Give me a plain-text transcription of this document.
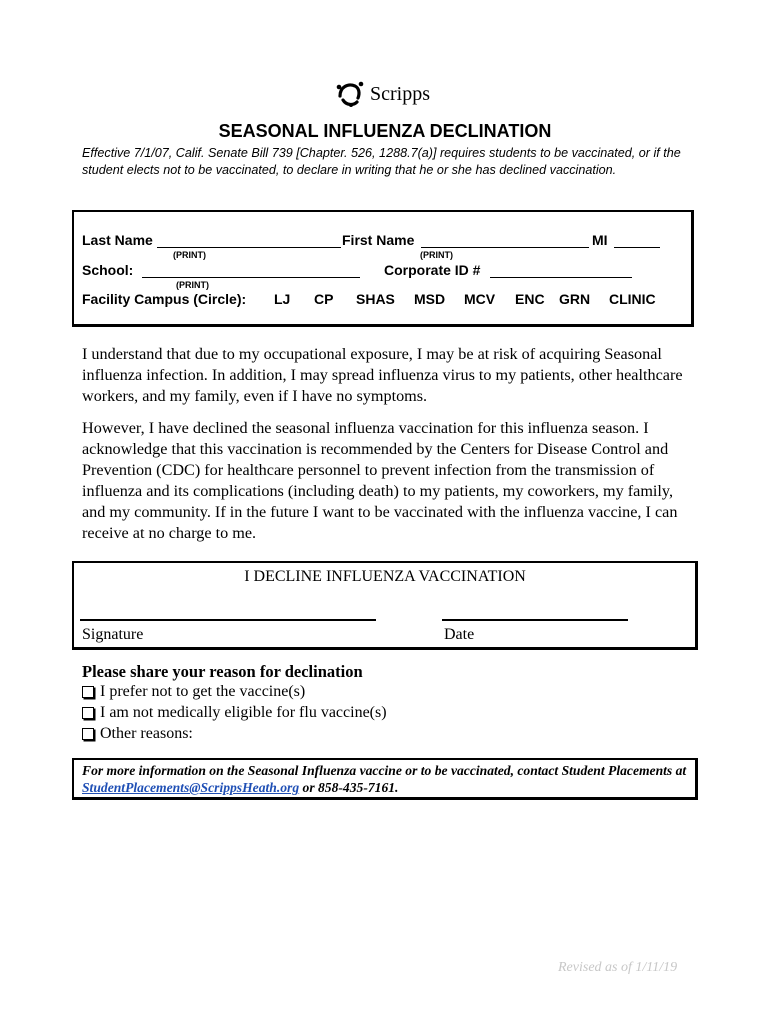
Scripps
SEASONAL INFLUENZA DECLINATION
Effective 7/1/07, Calif. Senate Bill 739 [Chapter. 526, 1288.7(a)] requires students to be vaccinated, or if the student elects not to be vaccinated, to declare in writing that he or she has declined vaccination.
Last Name	First Name	MI
(PRINT)	(PRINT)
School:	Corporate ID #
(PRINT)
Facility Campus (Circle): LJ CP SHAS MSD MCV ENC GRN CLINIC
I understand that due to my occupational exposure, I may be at risk of acquiring Seasonal influenza infection. In addition, I may spread influenza virus to my patients, other healthcare workers, and my family, even if I have no symptoms.
However, I have declined the seasonal influenza vaccination for this influenza season. I acknowledge that this vaccination is recommended by the Centers for Disease Control and Prevention (CDC) for healthcare personnel to prevent infection from the transmission of influenza and its complications (including death) to my patients, my coworkers, my family, and my community. If in the future I want to be vaccinated with the influenza vaccine, I can receive at no charge to me.
I DECLINE INFLUENZA VACCINATION
Signature	Date
Please share your reason for declination
I prefer not to get the vaccine(s)
I am not medically eligible for flu vaccine(s)
Other reasons:
For more information on the Seasonal Influenza vaccine or to be vaccinated, contact Student Placements at StudentPlacements@ScrippsHeath.org or 858-435-7161.
Revised as of 1/11/19
